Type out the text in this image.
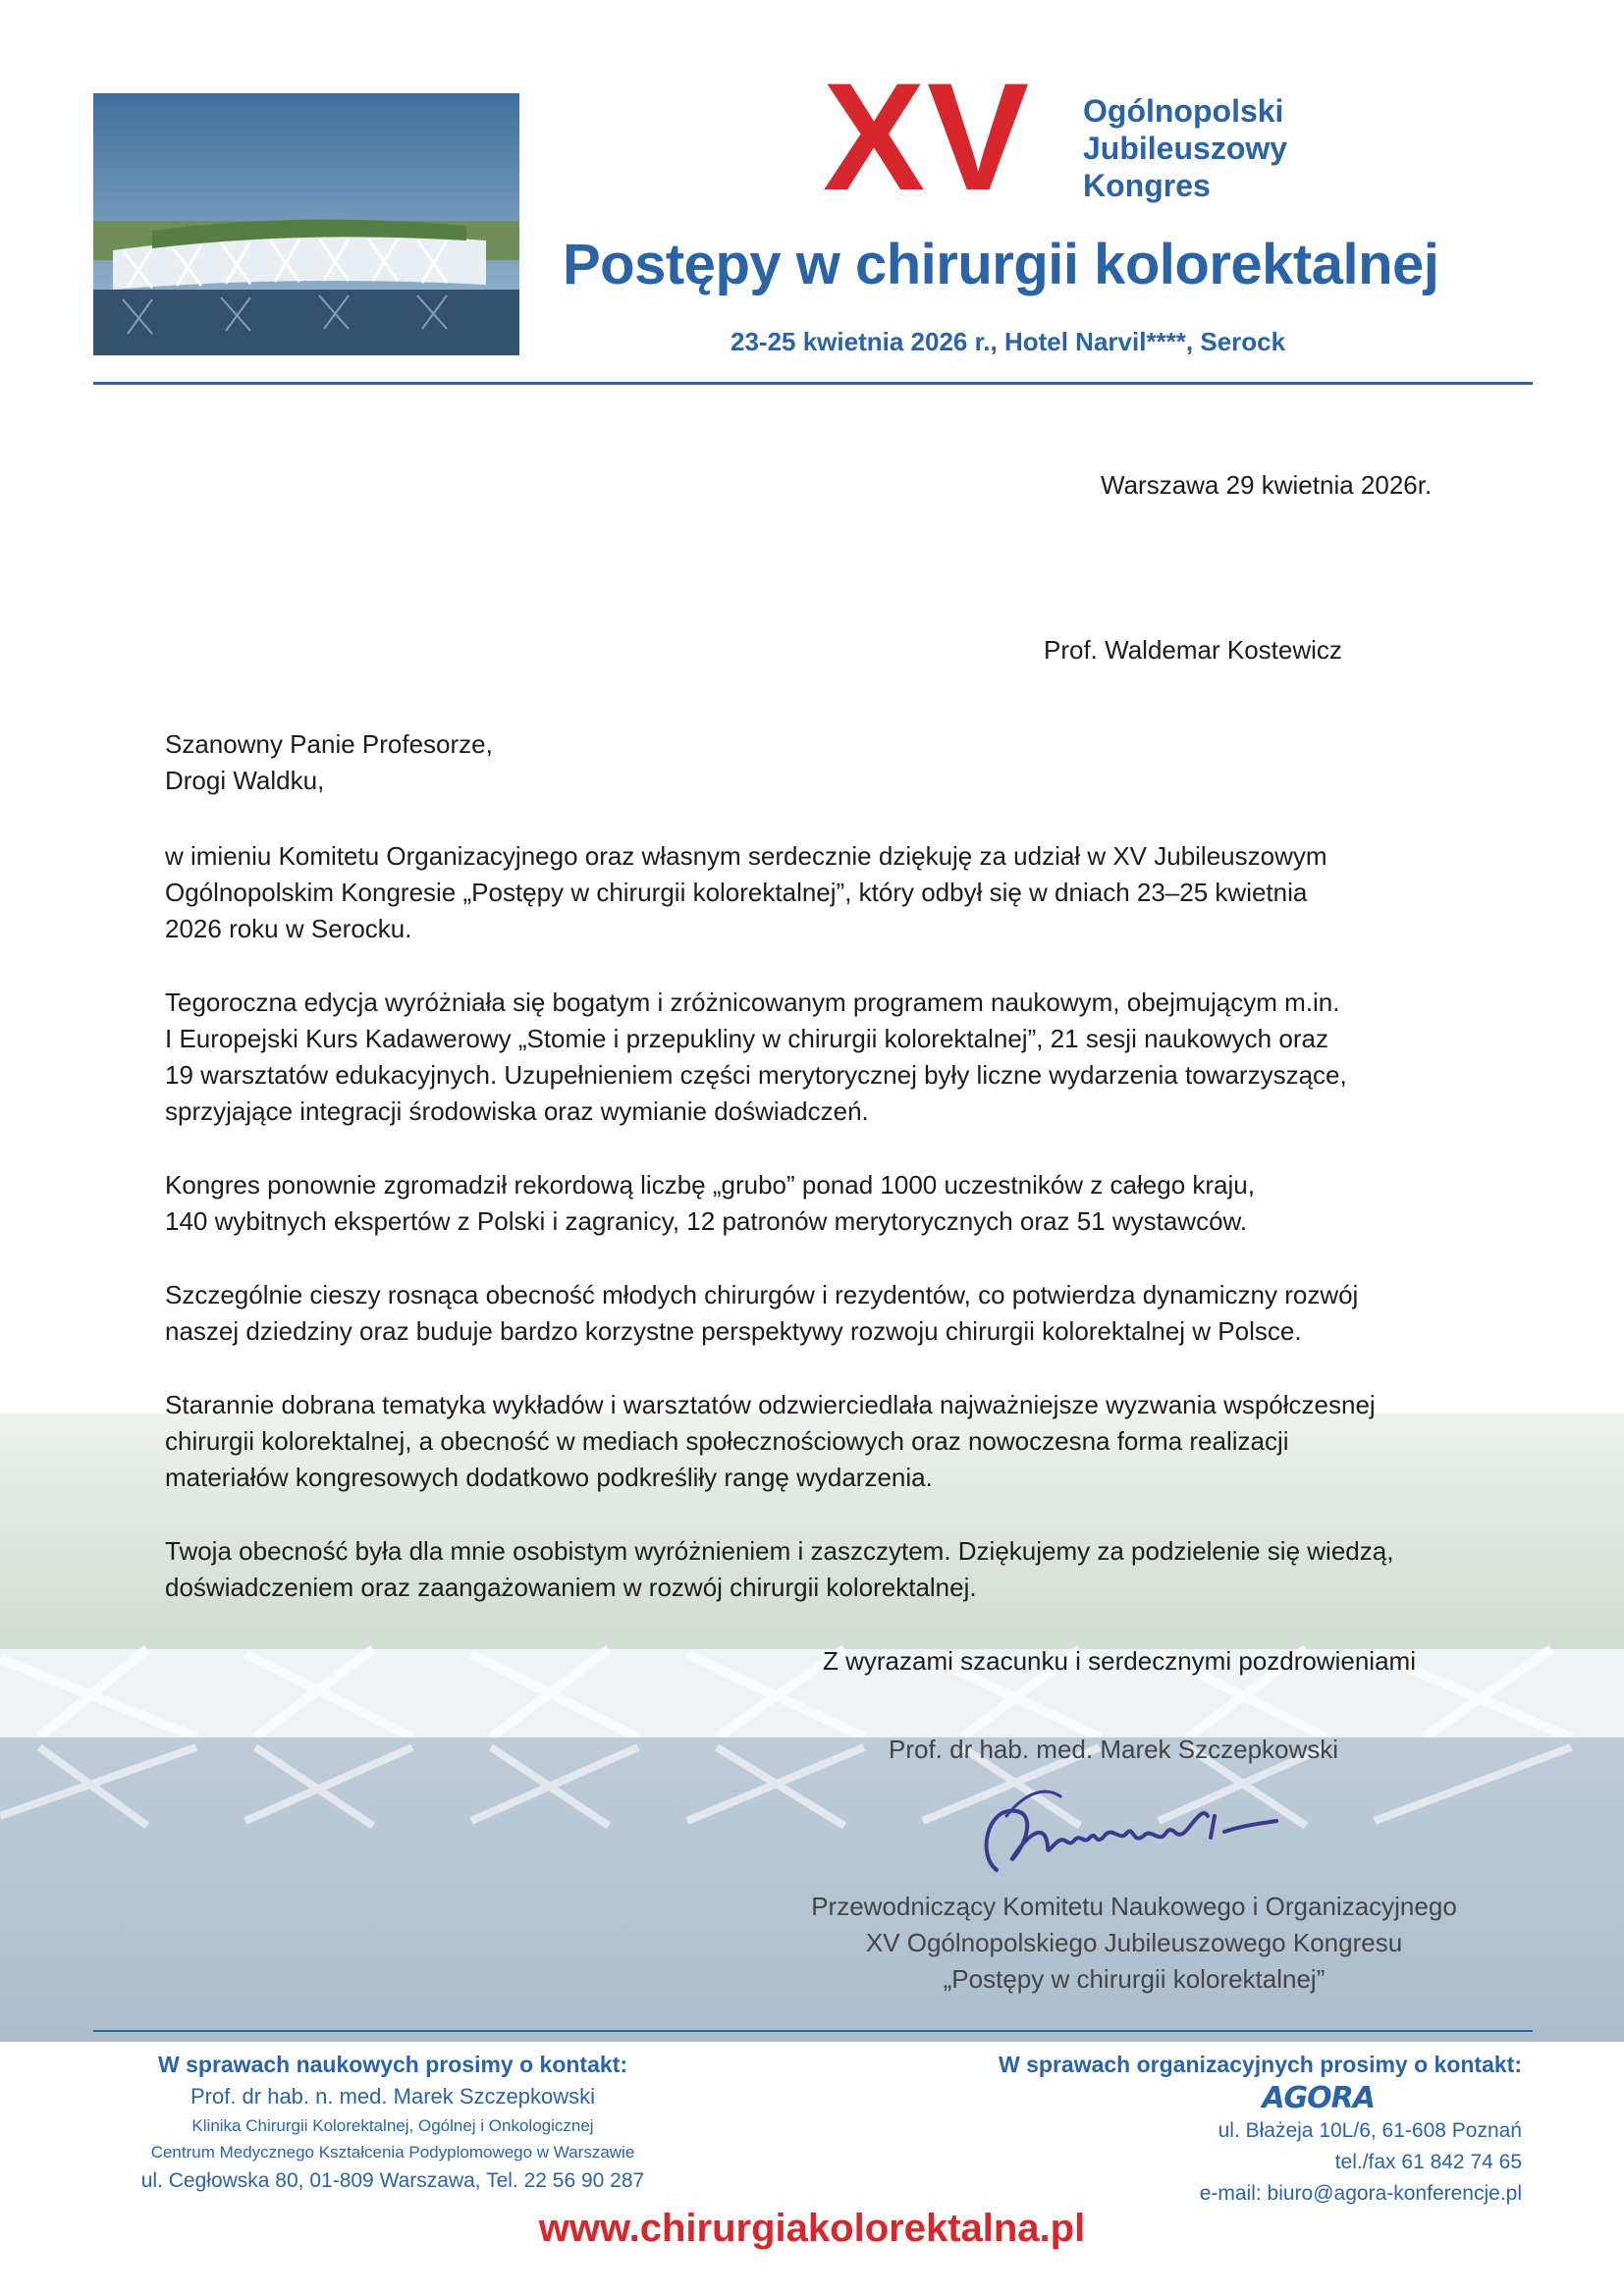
XV Ogólnopolski
Jubileuszowy
Kongres
Postępy w chirurgii kolorektalnej
23-25 kwietnia 2026 r., Hotel Narvil****, Serock
Warszawa 29 kwietnia 2026r.
Prof. Waldemar Kostewicz
Szanowny Panie Profesorze,
Drogi Waldku,

w imieniu Komitetu Organizacyjnego oraz własnym serdecznie dziękuję za udział w XV Jubileuszowym
Ogólnopolskim Kongresie „Postępy w chirurgii kolorektalnej”, który odbył się w dniach 23–25 kwietnia
2026 roku w Serocku.

Tegoroczna edycja wyróżniała się bogatym i zróżnicowanym programem naukowym, obejmującym m.in.
I Europejski Kurs Kadawerowy „Stomie i przepukliny w chirurgii kolorektalnej”, 21 sesji naukowych oraz
19 warsztatów edukacyjnych. Uzupełnieniem części merytorycznej były liczne wydarzenia towarzyszące,
sprzyjające integracji środowiska oraz wymianie doświadczeń.

Kongres ponownie zgromadził rekordową liczbę „grubo” ponad 1000 uczestników z całego kraju,
140 wybitnych ekspertów z Polski i zagranicy, 12 patronów merytorycznych oraz 51 wystawców.

Szczególnie cieszy rosnąca obecność młodych chirurgów i rezydentów, co potwierdza dynamiczny rozwój
naszej dziedziny oraz buduje bardzo korzystne perspektywy rozwoju chirurgii kolorektalnej w Polsce.

Starannie dobrana tematyka wykładów i warsztatów odzwierciedlała najważniejsze wyzwania współczesnej
chirurgii kolorektalnej, a obecność w mediach społecznościowych oraz nowoczesna forma realizacji
materiałów kongresowych dodatkowo podkreśliły rangę wydarzenia.

Twoja obecność była dla mnie osobistym wyróżnieniem i zaszczytem. Dziękujemy za podzielenie się wiedzą,
doświadczeniem oraz zaangażowaniem w rozwój chirurgii kolorektalnej.

Z wyrazami szacunku i serdecznymi pozdrowieniami
Prof. dr hab. med. Marek Szczepkowski
Przewodniczący Komitetu Naukowego i Organizacyjnego
XV Ogólnopolskiego Jubileuszowego Kongresu
„Postępy w chirurgii kolorektalnej”
W sprawach naukowych prosimy o kontakt:
Prof. dr hab. n. med. Marek Szczepkowski
Klinika Chirurgii Kolorektalnej, Ogólnej i Onkologicznej
Centrum Medycznego Kształcenia Podyplomowego w Warszawie
ul. Cegłowska 80, 01-809 Warszawa, Tel. 22 56 90 287
W sprawach organizacyjnych prosimy o kontakt:
AGORA
ul. Błażeja 10L/6, 61-608 Poznań
tel./fax 61 842 74 65
e-mail: biuro@agora-konferencje.pl
www.chirurgiakolorektalna.pl
